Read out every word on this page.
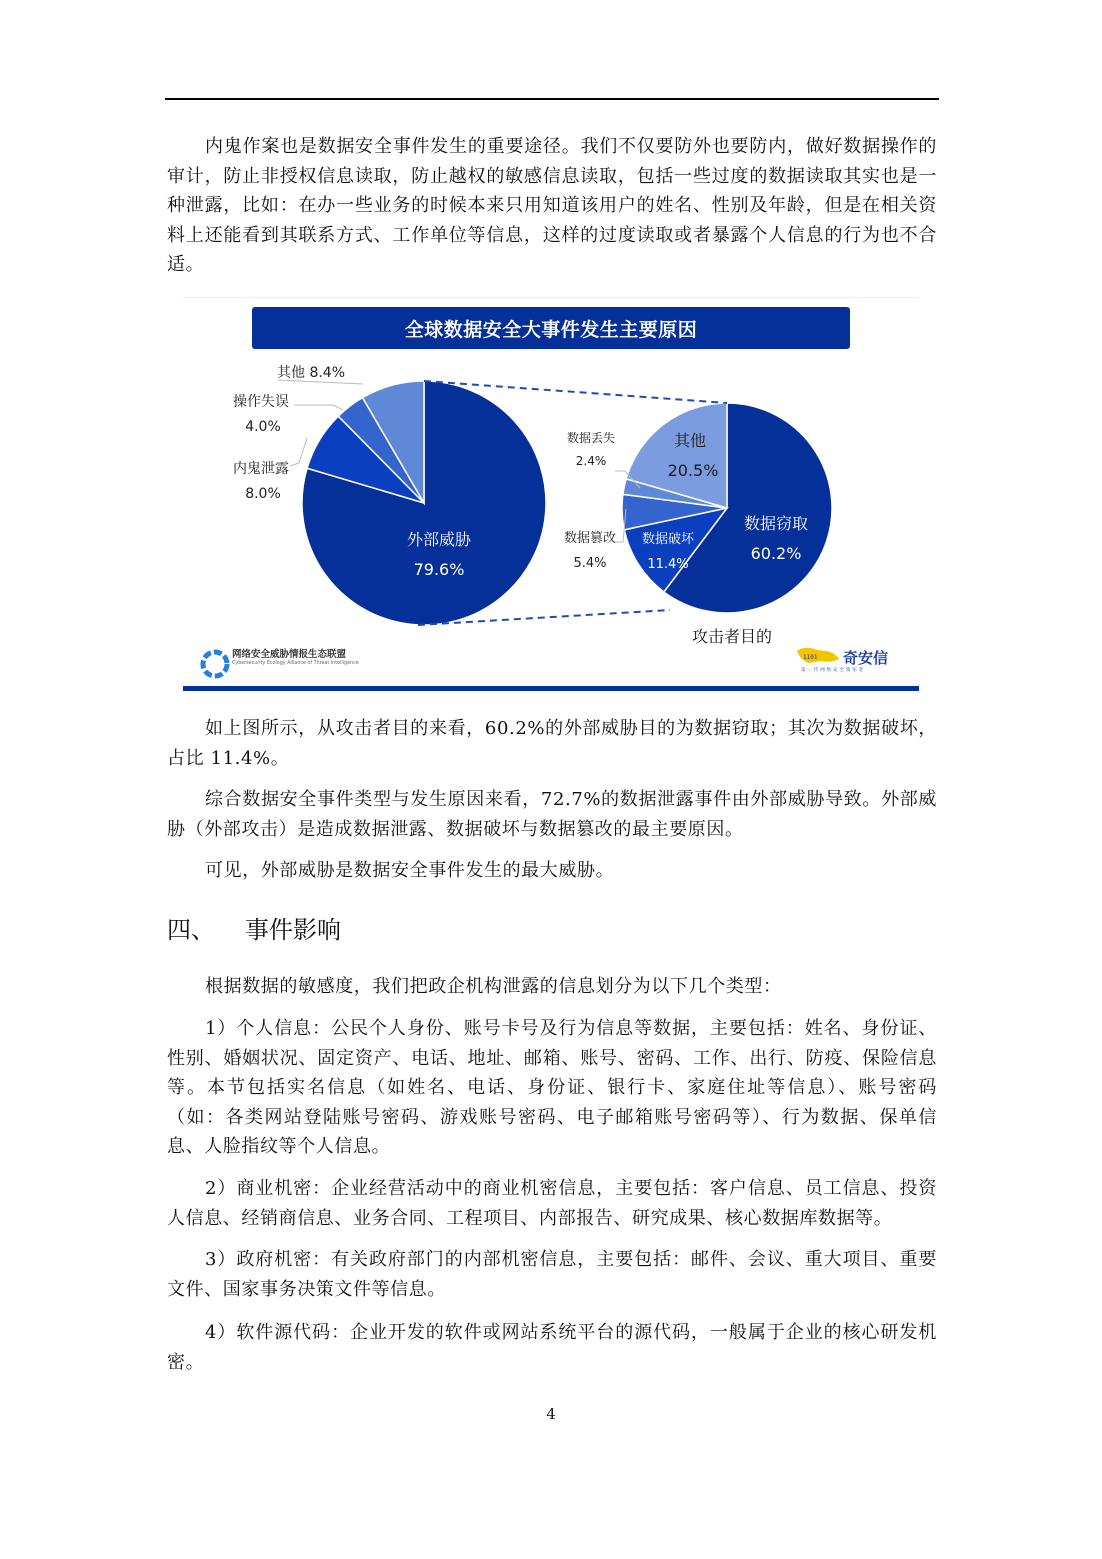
内鬼作案也是数据安全事件发生的重要途径。我们不仅要防外也要防内，做好数据操作的审计，防止非授权信息读取，防止越权的敏感信息读取，包括一些过度的数据读取其实也是一种泄露，比如：在办一些业务的时候本来只用知道该用户的姓名、性别及年龄，但是在相关资料上还能看到其联系方式、工作单位等信息，这样的过度读取或者暴露个人信息的行为也不合适。

全球数据安全大事件发生主要原因
其他 8.4%
操作失误
4.0%
内鬼泄露
8.0%
外部威胁
79.6%
数据丢失
2.4%
数据篡改
5.4%
其他
20.5%
数据破坏
11.4%
数据窃取
60.2%
攻击者目的
1101
网络安全威胁情报生态联盟
Cybersecurity Ecology Alliance of Threat Intelligence	奇安信
第一代网络安全领军者

如上图所示，从攻击者目的来看，60.2%的外部威胁目的为数据窃取；其次为数据破坏，占比 11.4%。

综合数据安全事件类型与发生原因来看，72.7%的数据泄露事件由外部威胁导致。外部威胁（外部攻击）是造成数据泄露、数据破坏与数据篡改的最主要原因。

可见，外部威胁是数据安全事件发生的最大威胁。

四、 事件影响

根据数据的敏感度，我们把政企机构泄露的信息划分为以下几个类型：

1）个人信息：公民个人身份、账号卡号及行为信息等数据，主要包括：姓名、身份证、性别、婚姻状况、固定资产、电话、地址、邮箱、账号、密码、工作、出行、防疫、保险信息等。本节包括实名信息（如姓名、电话、身份证、银行卡、家庭住址等信息）、账号密码（如：各类网站登陆账号密码、游戏账号密码、电子邮箱账号密码等）、行为数据、保单信息、人脸指纹等个人信息。

2）商业机密：企业经营活动中的商业机密信息，主要包括：客户信息、员工信息、投资人信息、经销商信息、业务合同、工程项目、内部报告、研究成果、核心数据库数据等。

3）政府机密：有关政府部门的内部机密信息，主要包括：邮件、会议、重大项目、重要文件、国家事务决策文件等信息。

4）软件源代码：企业开发的软件或网站系统平台的源代码，一般属于企业的核心研发机密。

4
